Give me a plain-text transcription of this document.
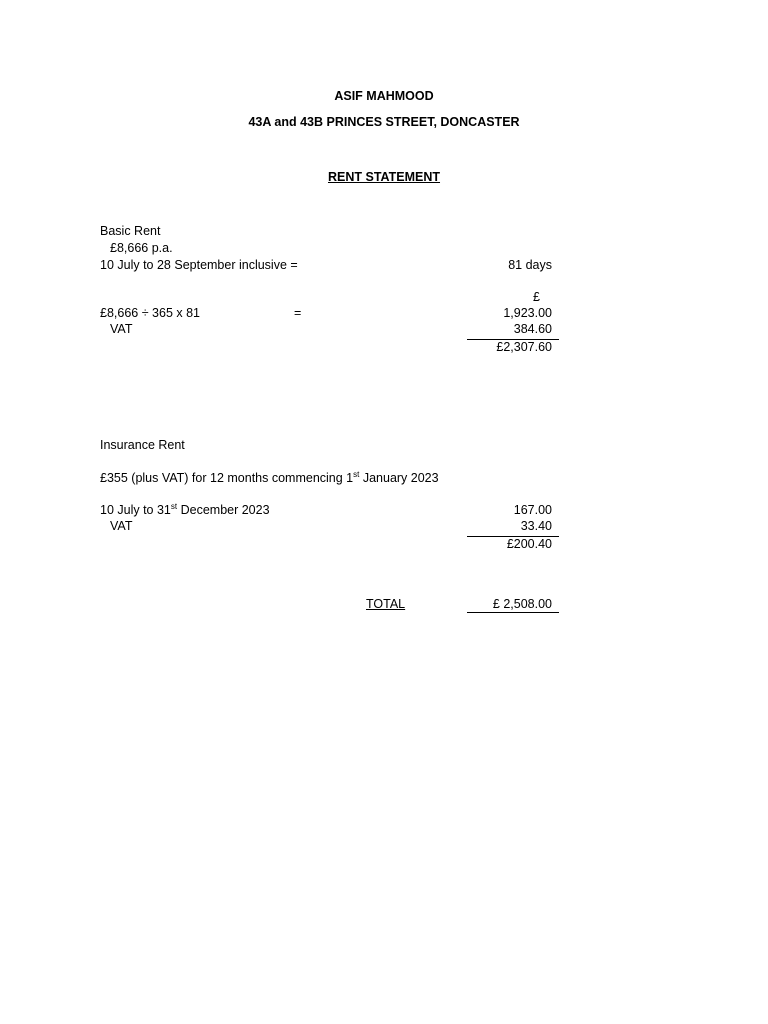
ASIF MAHMOOD
43A and 43B PRINCES STREET, DONCASTER
RENT STATEMENT
Basic Rent
£8,666 p.a.
10 July to 28 September inclusive =	81 days
£
£8,666 ÷ 365 x 81	=	1,923.00
VAT	384.60
£2,307.60
Insurance Rent
£355 (plus VAT) for 12 months commencing 1st January 2023
10 July to 31st December 2023	167.00
VAT	33.40
£200.40
TOTAL	£ 2,508.00
